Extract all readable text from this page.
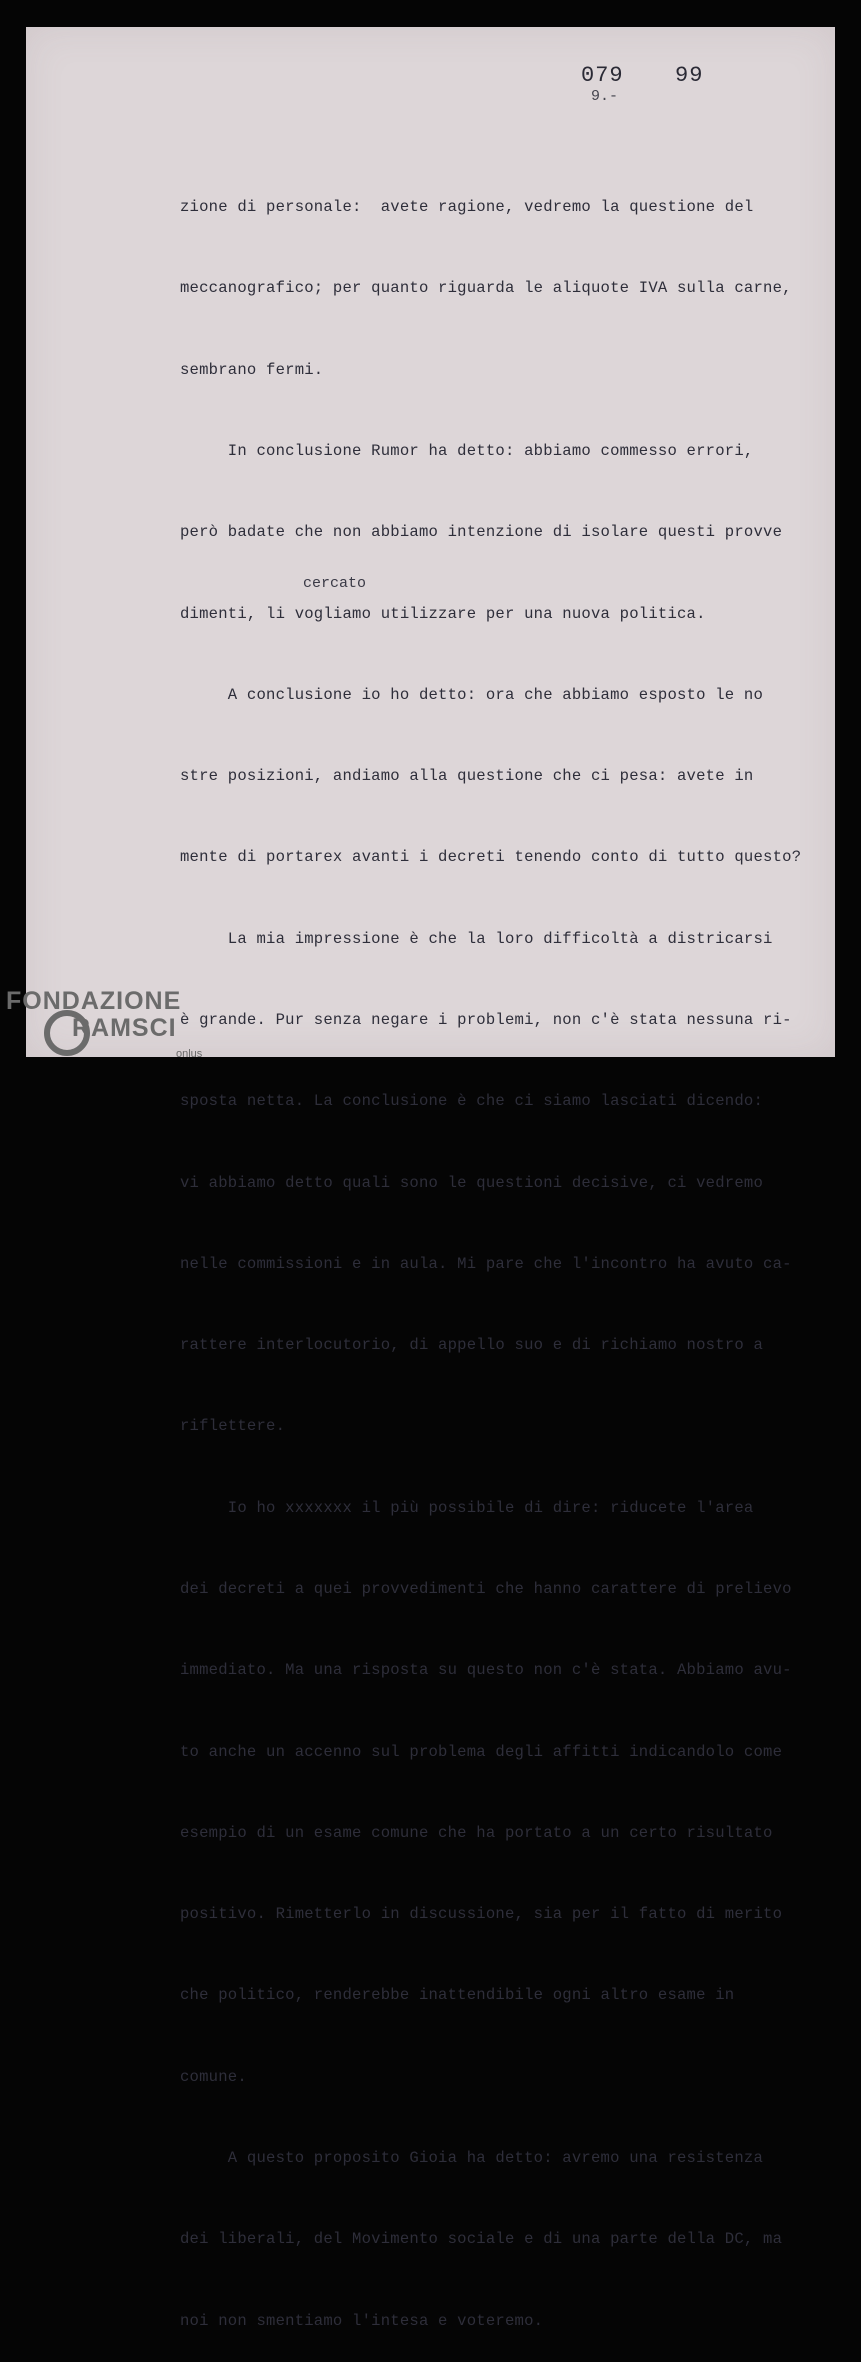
079 99
9.-
cercato

zione di personale:  avete ragione, vedremo la questione del

meccanografico; per quanto riguarda le aliquote IVA sulla carne,

sembrano fermi.

In conclusione Rumor ha detto: abbiamo commesso errori,

però badate che non abbiamo intenzione di isolare questi provve

dimenti, li vogliamo utilizzare per una nuova politica.

A conclusione io ho detto: ora che abbiamo esposto le no

stre posizioni, andiamo alla questione che ci pesa: avete in

mente di portarex avanti i decreti tenendo conto di tutto questo?

La mia impressione è che la loro difficoltà a districarsi

è grande. Pur senza negare i problemi, non c'è stata nessuna ri-

sposta netta. La conclusione è che ci siamo lasciati dicendo:

vi abbiamo detto quali sono le questioni decisive, ci vedremo

nelle commissioni e in aula. Mi pare che l'incontro ha avuto ca-

rattere interlocutorio, di appello suo e di richiamo nostro a

riflettere.

Io ho xxxxxxx il più possibile di dire: riducete l'area

dei decreti a quei provvedimenti che hanno carattere di prelievo

immediato. Ma una risposta su questo non c'è stata. Abbiamo avu-

to anche un accenno sul problema degli affitti indicandolo come

esempio di un esame comune che ha portato a un certo risultato

positivo. Rimetterlo in discussione, sia per il fatto di merito

che politico, renderebbe inattendibile ogni altro esame in

comune.

A questo proposito Gioia ha detto: avremo una resistenza

dei liberali, del Movimento sociale e di una parte della DC, ma

noi non smentiamo l'intesa e voteremo.

FONDAZIONE
RAMSCI
onlus
